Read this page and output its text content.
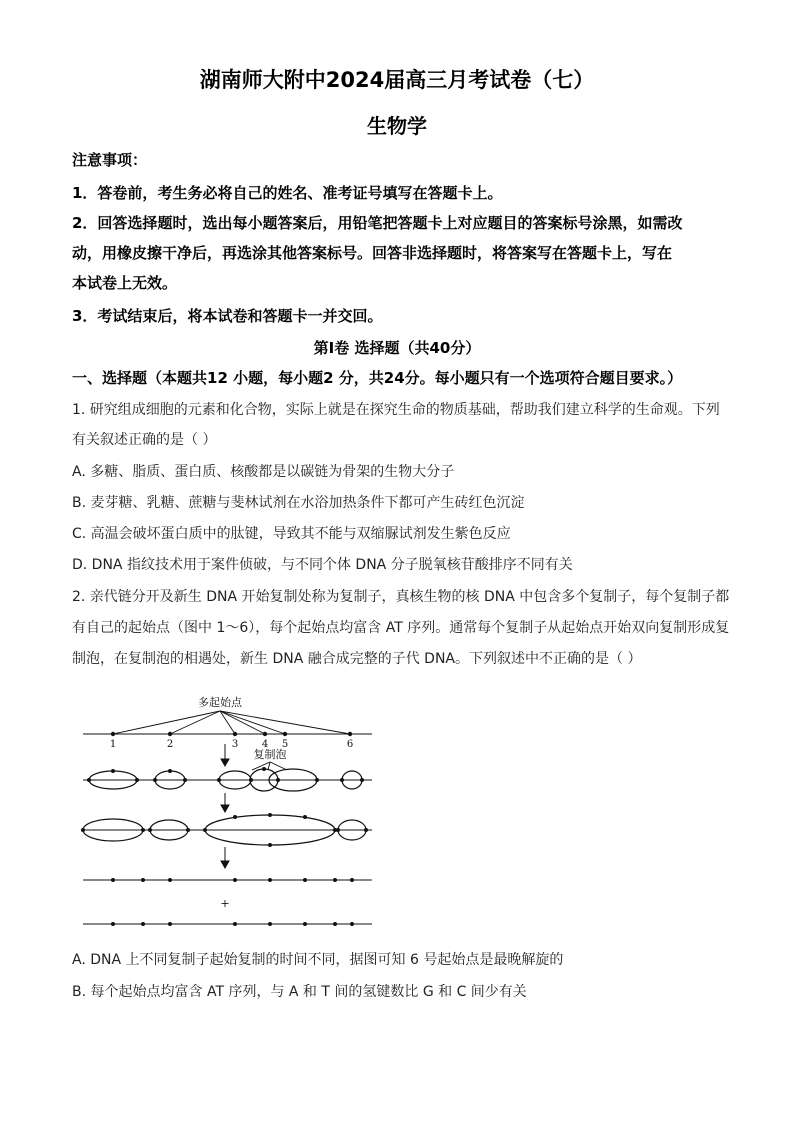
湖南师大附中2024届高三月考试卷（七）
生物学
注意事项：
1．答卷前，考生务必将自己的姓名、准考证号填写在答题卡上。
2．回答选择题时，选出每小题答案后，用铅笔把答题卡上对应题目的答案标号涂黑，如需改
动，用橡皮擦干净后，再选涂其他答案标号。回答非选择题时，将答案写在答题卡上，写在
本试卷上无效。
3．考试结束后，将本试卷和答题卡一并交回。
第Ⅰ卷 选择题（共40分）
一、选择题（本题共12 小题，每小题2 分，共24分。每小题只有一个选项符合题目要求。）
1. 研究组成细胞的元素和化合物，实际上就是在探究生命的物质基础，帮助我们建立科学的生命观。下列
有关叙述正确的是（ ）
A. 多糖、脂质、蛋白质、核酸都是以碳链为骨架的生物大分子
B. 麦芽糖、乳糖、蔗糖与斐林试剂在水浴加热条件下都可产生砖红色沉淀
C. 高温会破坏蛋白质中的肽键，导致其不能与双缩脲试剂发生紫色反应
D. DNA 指纹技术用于案件侦破，与不同个体 DNA 分子脱氧核苷酸排序不同有关
2. 亲代链分开及新生 DNA 开始复制处称为复制子，真核生物的核 DNA 中包含多个复制子，每个复制子都
有自己的起始点（图中 1～6），每个起始点均富含 AT 序列。通常每个复制子从起始点开始双向复制形成复
制泡，在复制泡的相遇处，新生 DNA 融合成完整的子代 DNA。下列叙述中不正确的是（ ）
多起始点
1	2	3 4 5	6
复制泡
+
A. DNA 上不同复制子起始复制的时间不同，据图可知 6 号起始点是最晚解旋的
B. 每个起始点均富含 AT 序列，与 A 和 T 间的氢键数比 G 和 C 间少有关
